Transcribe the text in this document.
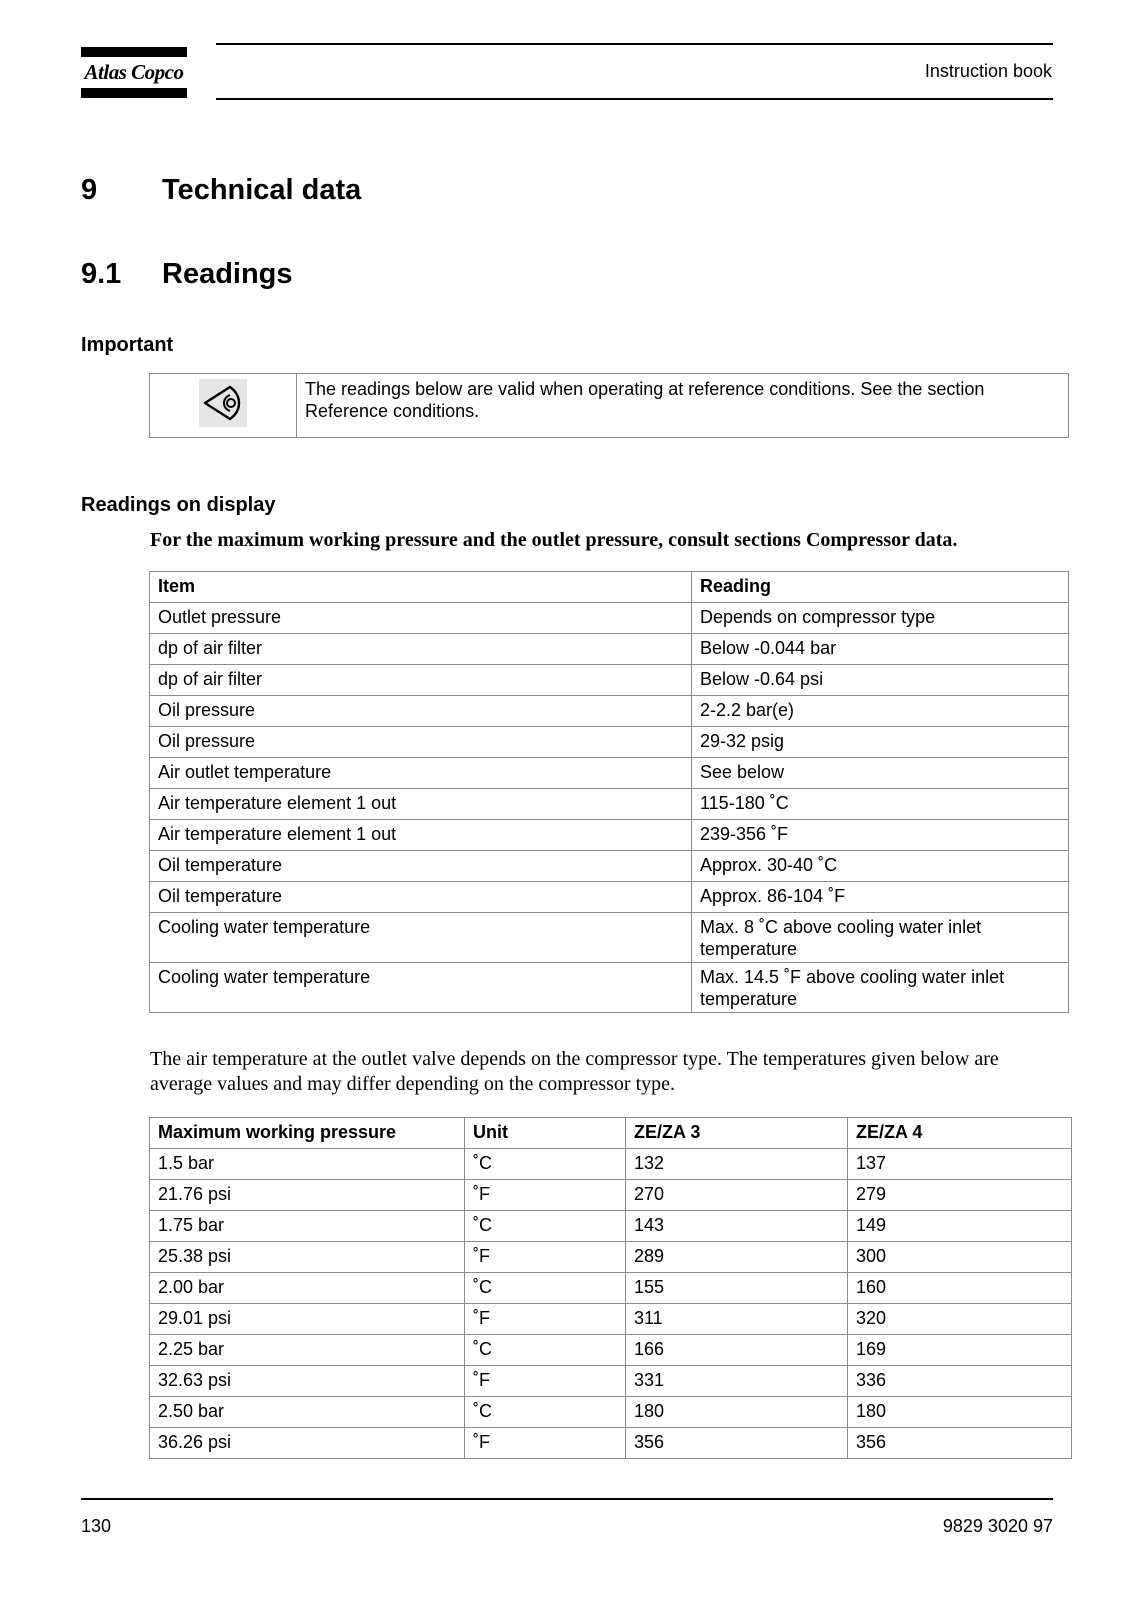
Atlas Copco	Instruction book
9 Technical data
9.1 Readings
Important
	The readings below are valid when operating at reference conditions. See the section Reference conditions.
Readings on display
For the maximum working pressure and the outlet pressure, consult sections Compressor data.
Item	Reading
Outlet pressure	Depends on compressor type
dp of air filter	Below -0.044 bar
dp of air filter	Below -0.64 psi
Oil pressure	2-2.2 bar(e)
Oil pressure	29-32 psig
Air outlet temperature	See below
Air temperature element 1 out	115-180 ˚C
Air temperature element 1 out	239-356 ˚F
Oil temperature	Approx. 30-40 ˚C
Oil temperature	Approx. 86-104 ˚F
Cooling water temperature	Max. 8 ˚C above cooling water inlet temperature
Cooling water temperature	Max. 14.5 ˚F above cooling water inlet temperature
The air temperature at the outlet valve depends on the compressor type. The temperatures given below are average values and may differ depending on the compressor type.
Maximum working pressure	Unit	ZE/ZA 3	ZE/ZA 4
1.5 bar	˚C	132	137
21.76 psi	˚F	270	279
1.75 bar	˚C	143	149
25.38 psi	˚F	289	300
2.00 bar	˚C	155	160
29.01 psi	˚F	311	320
2.25 bar	˚C	166	169
32.63 psi	˚F	331	336
2.50 bar	˚C	180	180
36.26 psi	˚F	356	356
130	9829 3020 97
